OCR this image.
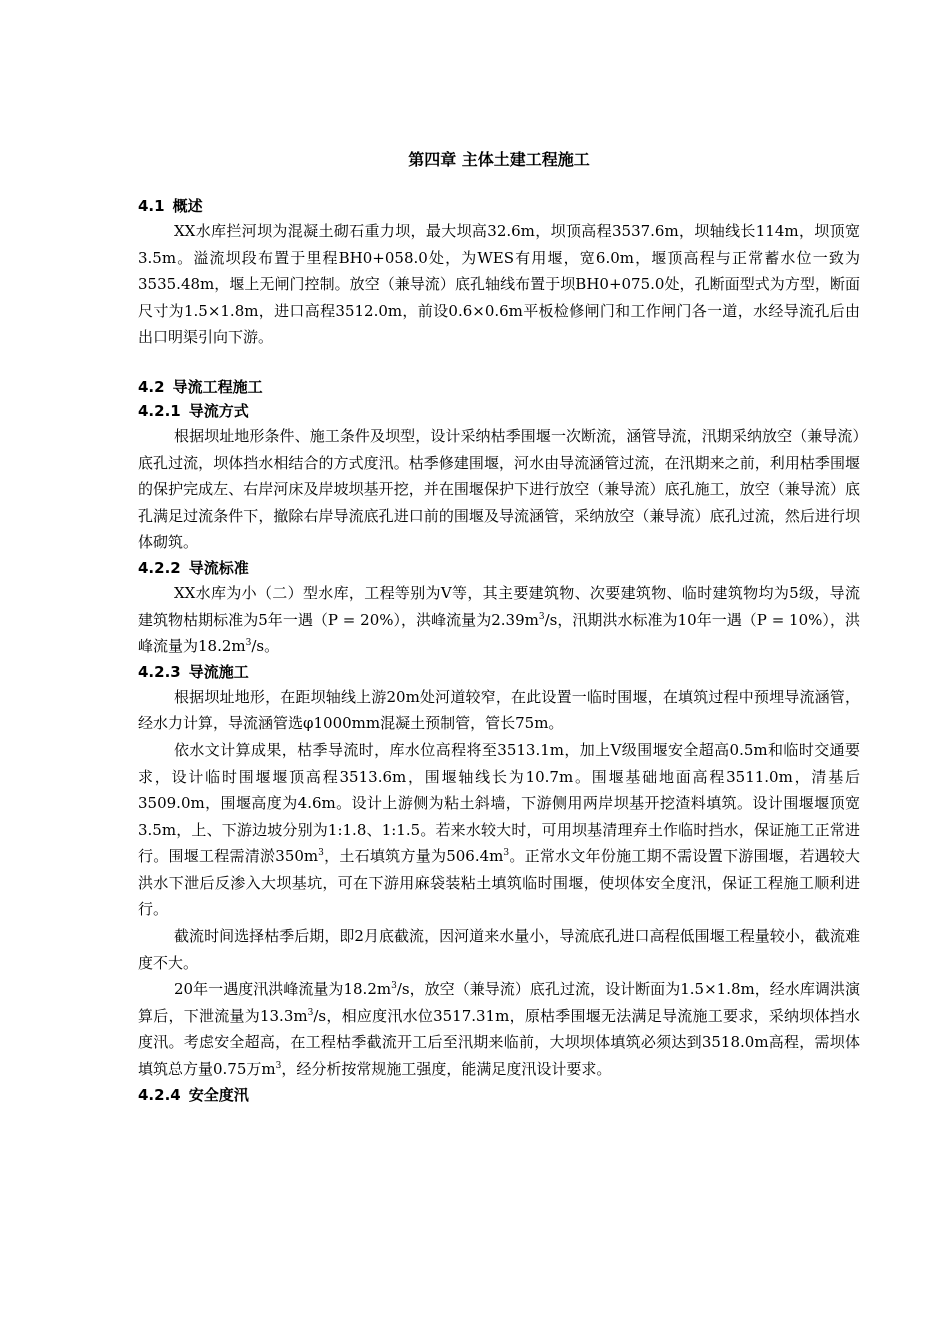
第四章 主体土建工程施工
4.1 概述

XX水库拦河坝为混凝土砌石重力坝，最大坝高32.6m，坝顶高程3537.6m，坝轴线长114m，坝顶宽3.5m。溢流坝段布置于里程BH0+058.0处，为WES有用堰，宽6.0m，堰顶高程与正常蓄水位一致为3535.48m，堰上无闸门控制。放空（兼导流）底孔轴线布置于坝BH0+075.0处，孔断面型式为方型，断面尺寸为1.5×1.8m，进口高程3512.0m，前设0.6×0.6m平板检修闸门和工作闸门各一道，水经导流孔后由出口明渠引向下游。

4.2 导流工程施工
4.2.1 导流方式

根据坝址地形条件、施工条件及坝型，设计采纳枯季围堰一次断流，涵管导流，汛期采纳放空（兼导流）底孔过流，坝体挡水相结合的方式度汛。枯季修建围堰，河水由导流涵管过流，在汛期来之前，利用枯季围堰的保护完成左、右岸河床及岸坡坝基开挖，并在围堰保护下进行放空（兼导流）底孔施工，放空（兼导流）底孔满足过流条件下，撤除右岸导流底孔进口前的围堰及导流涵管，采纳放空（兼导流）底孔过流，然后进行坝体砌筑。

4.2.2 导流标准

XX水库为小（二）型水库，工程等别为Ⅴ等，其主要建筑物、次要建筑物、临时建筑物均为5级，导流建筑物枯期标准为5年一遇（P = 20%），洪峰流量为$2.39m^3/s$，汛期洪水标准为10年一遇（P = 10%），洪峰流量为$18.2m^3/s$。

4.2.3 导流施工

根据坝址地形，在距坝轴线上游20m处河道较窄，在此设置一临时围堰，在填筑过程中预埋导流涵管，经水力计算，导流涵管选φ1000mm混凝土预制管，管长75m。

依水文计算成果，枯季导流时，库水位高程将至3513.1m，加上Ⅴ级围堰安全超高0.5m和临时交通要求，设计临时围堰堰顶高程3513.6m，围堰轴线长为10.7m。围堰基础地面高程3511.0m，清基后3509.0m，围堰高度为4.6m。设计上游侧为粘土斜墙，下游侧用两岸坝基开挖渣料填筑。设计围堰堰顶宽3.5m，上、下游边坡分别为1:1.8、1:1.5。若来水较大时，可用坝基清理弃土作临时挡水，保证施工正常进行。围堰工程需清淤$350m^3$，土石填筑方量为$506.4m^3$。正常水文年份施工期不需设置下游围堰，若遇较大洪水下泄后反渗入大坝基坑，可在下游用麻袋装粘土填筑临时围堰，使坝体安全度汛，保证工程施工顺利进行。

截流时间选择枯季后期，即2月底截流，因河道来水量小，导流底孔进口高程低围堰工程量较小，截流难度不大。

20年一遇度汛洪峰流量为$18.2m^3/s$，放空（兼导流）底孔过流，设计断面为1.5×1.8m，经水库调洪演算后，下泄流量为$13.3m^3/s$，相应度汛水位3517.31m，原枯季围堰无法满足导流施工要求，采纳坝体挡水度汛。考虑安全超高，在工程枯季截流开工后至汛期来临前，大坝坝体填筑必须达到3518.0m高程，需坝体填筑总方量0.75万$m^3$，经分析按常规施工强度，能满足度汛设计要求。

4.2.4 安全度汛
